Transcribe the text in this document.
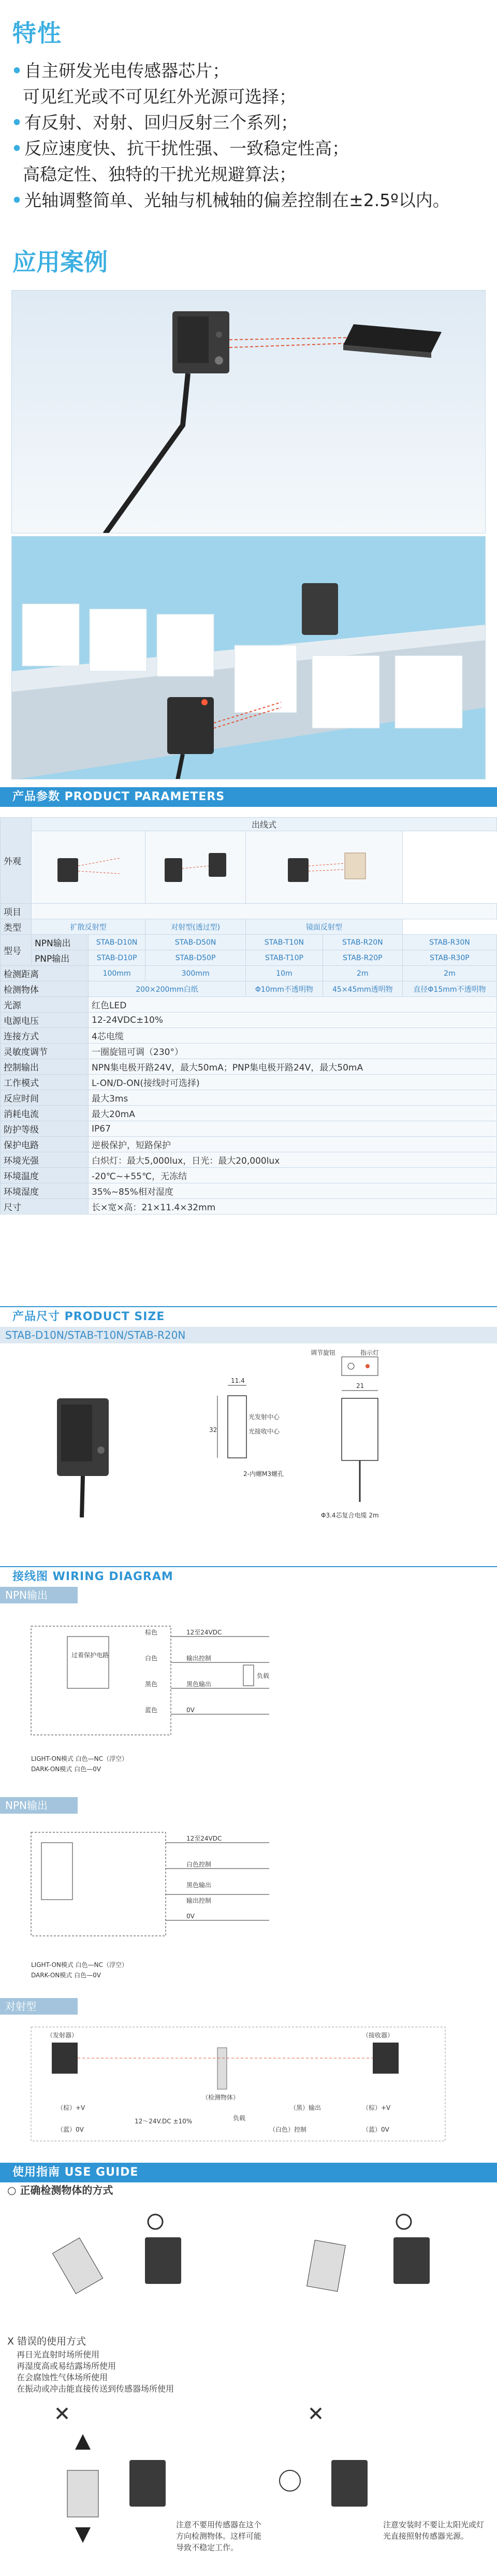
特性
• 自主研发光电传感器芯片；
可见红光或不可见红外光源可选择；
• 有反射、对射、回归反射三个系列；
• 反应速度快、抗干扰性强、一致稳定性高；
高稳定性、独特的干扰光规避算法；
• 光轴调整简单、光轴与机械轴的偏差控制在±2.5º以内。
应用案例
产品参数 PRODUCT PARAMETERS
外观	出线式					

项目						
类型	扩散反射型		对射型(透过型)	镜面反射型		
型号	NPN输出	STAB-D10N	STAB-D50N	STAB-T10N	STAB-R20N	STAB-R30N
	PNP输出	STAB-D10P	STAB-D50P	STAB-T10P	STAB-R20P	STAB-R30P
检测距离		100mm	300mm	10m	2m	2m
检测物体		200×200mm白纸		Φ10mm不透明物	45×45mm透明物	直径Φ15mm不透明物
光源		红色LED				
电源电压		12-24VDC±10%				
连接方式		4芯电缆				
灵敏度调节		一圈旋钮可调（230°）				
控制输出		NPN集电极开路24V，最大50mA；PNP集电极开路24V，最大50mA				
工作模式		L-ON/D-ON(接线时可选择)				
反应时间		最大3ms				
消耗电流		最大20mA				
防护等级		IP67				
保护电路		逆极保护，短路保护				
环境光强		白炽灯：最大5,000lux，日光：最大20,000lux				
环境温度		-20℃~+55℃，无冻结				
环境湿度		35%~85%相对湿度				
尺寸		长×宽×高：21×11.4×32mm				
产品尺寸 PRODUCT SIZE
STAB-D10N/STAB-T10N/STAB-R20N
11.4
32
光发射中心
光接收中心
2-内螺M3螺孔
调节旋钮	指示灯
21
Φ3.4芯复合电缆 2m
接线图 WIRING DIAGRAM
NPN输出
过着保护电路
棕色
白色
黑色
蓝色
12至24VDC
输出控制
黑色输出
0V
负载
LIGHT-ON模式 白色—NC（浮空）
DARK-ON模式 白色—0V
NPN输出
12至24VDC
白色控制
黑色输出
输出控制
0V
LIGHT-ON模式 白色—NC（浮空）
DARK-ON模式 白色—0V
对射型
（发射器）	（接收器）
（检测物体）
（棕）+V
（蓝）0V
12～24V.DC ±10%	负载
（黑）输出
（白色）控制
（棕）+V
（蓝）0V
使用指南 USE GUIDE
○ 正确检测物体的方式
X 错误的使用方式
再日光直射时场所使用
再湿度高或易结露场所使用
在会腐蚀性气体场所使用
在振动或冲击能直接传送到传感器场所使用
注意不要用传感器在这个方向检测物体。这样可能导致不稳定工作。
注意安装时不要让太阳光或灯光直接照射传感器光源。
